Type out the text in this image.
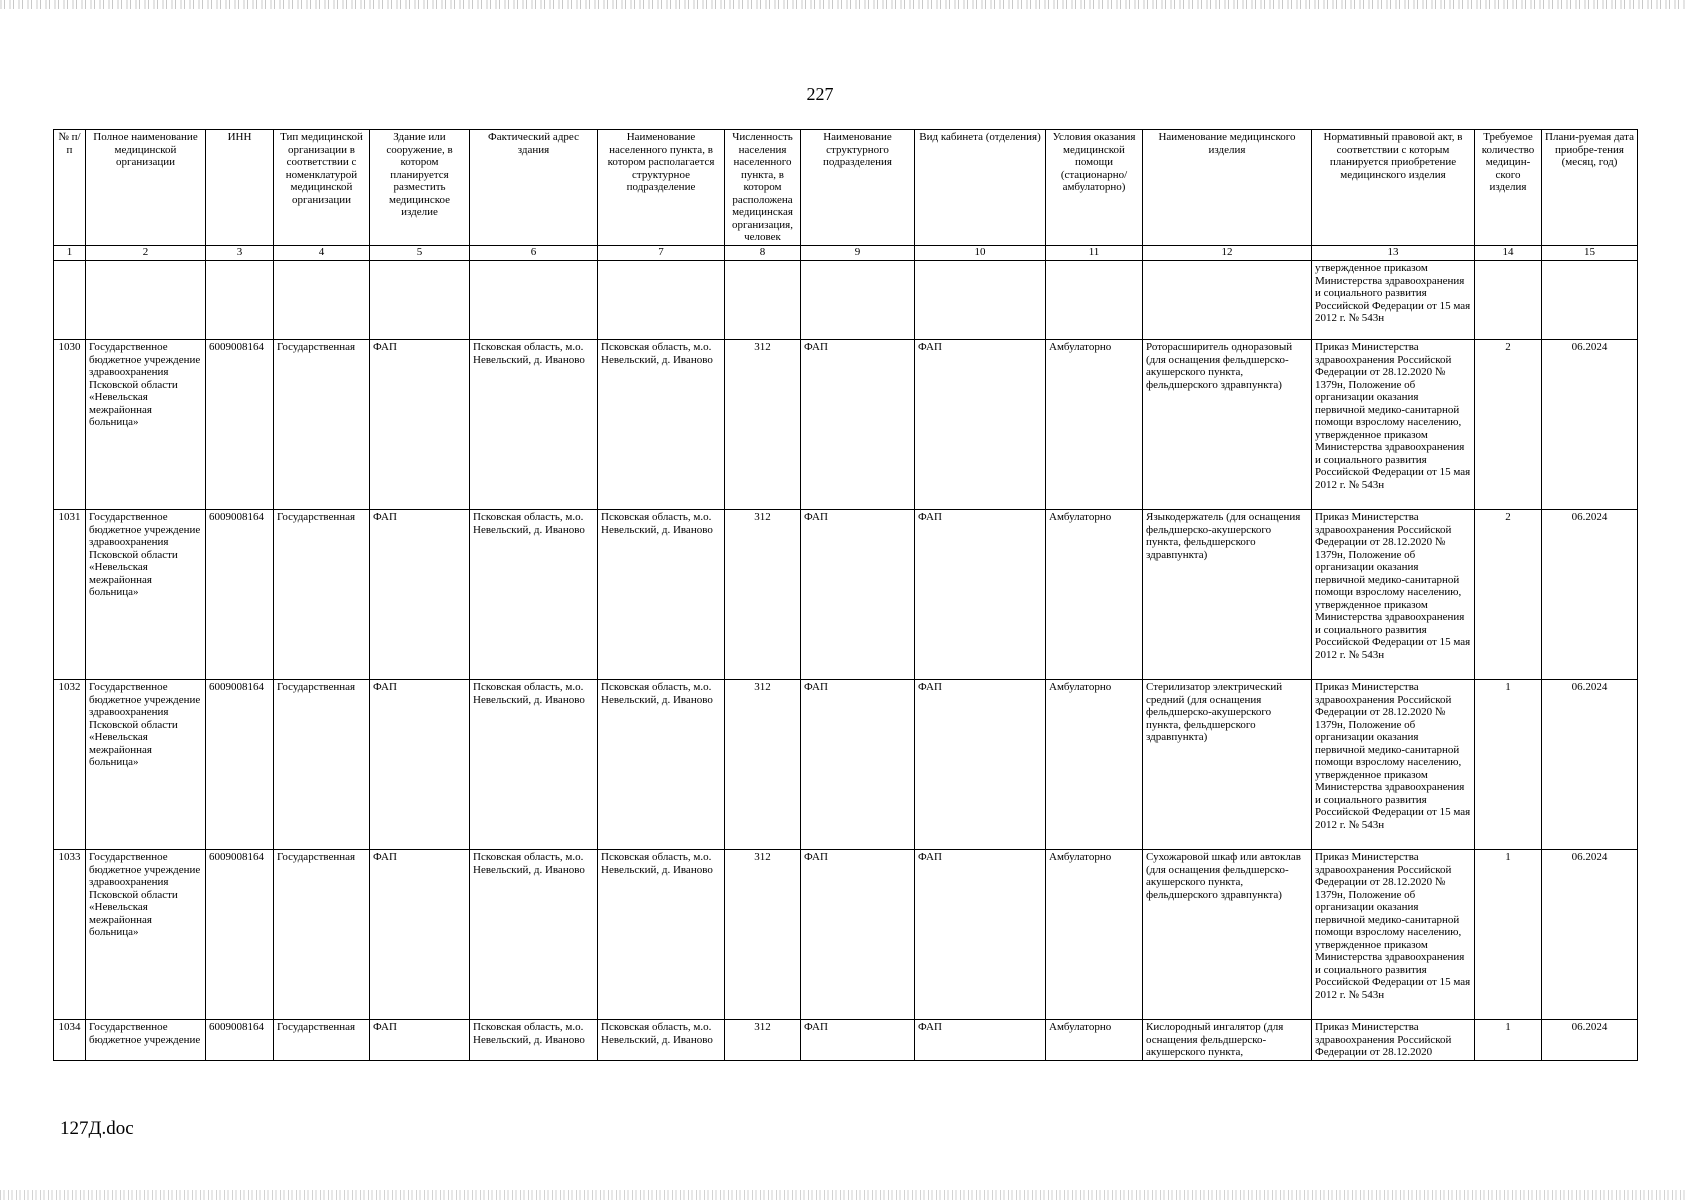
227
№ п/п	Полное наименование медицинской организации	ИНН	Тип медицинской организации в соответствии с номенклатурой медицинской организации	Здание или сооружение, в котором планируется разместить медицинское изделие	Фактический адрес здания	Наименование населенного пункта, в котором располагается структурное подразделение	Численность населения населенного пункта, в котором расположена медицинская организация, человек	Наименование структурного подразделения	Вид кабинета (отделения)	Условия оказания медицинской помощи (стационарно/ амбулаторно)	Наименование медицинского изделия	Нормативный правовой акт, в соответствии с которым планируется приобретение медицинского изделия	Требуемое количество медицин-ского изделия	Плани-руемая дата приобре-тения (месяц, год)
1	2	3	4	5	6	7	8	9	10	11	12	13	14	15
												утвержденное приказом Министерства здравоохранения и социального развития Российской Федерации от 15 мая 2012 г. № 543н		
1030	Государственное бюджетное учреждение здравоохранения Псковской области «Невельская межрайонная больница»	6009008164	Государственная	ФАП	Псковская область, м.о. Невельский, д. Иваново	Псковская область, м.о. Невельский, д. Иваново	312	ФАП	ФАП	Амбулаторно	Роторасширитель одноразовый (для оснащения фельдшерско-акушерского пункта, фельдшерского здравпункта)	Приказ Министерства здравоохранения Российской Федерации от 28.12.2020 № 1379н, Положение об организации оказания первичной медико-санитарной помощи взрослому населению, утвержденное приказом Министерства здравоохранения и социального развития Российской Федерации от 15 мая 2012 г. № 543н	2	06.2024
1031	Государственное бюджетное учреждение здравоохранения Псковской области «Невельская межрайонная больница»	6009008164	Государственная	ФАП	Псковская область, м.о. Невельский, д. Иваново	Псковская область, м.о. Невельский, д. Иваново	312	ФАП	ФАП	Амбулаторно	Языкодержатель (для оснащения фельдшерско-акушерского пункта, фельдшерского здравпункта)	Приказ Министерства здравоохранения Российской Федерации от 28.12.2020 № 1379н, Положение об организации оказания первичной медико-санитарной помощи взрослому населению, утвержденное приказом Министерства здравоохранения и социального развития Российской Федерации от 15 мая 2012 г. № 543н	2	06.2024
1032	Государственное бюджетное учреждение здравоохранения Псковской области «Невельская межрайонная больница»	6009008164	Государственная	ФАП	Псковская область, м.о. Невельский, д. Иваново	Псковская область, м.о. Невельский, д. Иваново	312	ФАП	ФАП	Амбулаторно	Стерилизатор электрический средний (для оснащения фельдшерско-акушерского пункта, фельдшерского здравпункта)	Приказ Министерства здравоохранения Российской Федерации от 28.12.2020 № 1379н, Положение об организации оказания первичной медико-санитарной помощи взрослому населению, утвержденное приказом Министерства здравоохранения и социального развития Российской Федерации от 15 мая 2012 г. № 543н	1	06.2024
1033	Государственное бюджетное учреждение здравоохранения Псковской области «Невельская межрайонная больница»	6009008164	Государственная	ФАП	Псковская область, м.о. Невельский, д. Иваново	Псковская область, м.о. Невельский, д. Иваново	312	ФАП	ФАП	Амбулаторно	Сухожаровой шкаф или автоклав (для оснащения фельдшерско-акушерского пункта, фельдшерского здравпункта)	Приказ Министерства здравоохранения Российской Федерации от 28.12.2020 № 1379н, Положение об организации оказания первичной медико-санитарной помощи взрослому населению, утвержденное приказом Министерства здравоохранения и социального развития Российской Федерации от 15 мая 2012 г. № 543н	1	06.2024
1034	Государственное бюджетное учреждение	6009008164	Государственная	ФАП	Псковская область, м.о. Невельский, д. Иваново	Псковская область, м.о. Невельский, д. Иваново	312	ФАП	ФАП	Амбулаторно	Кислородный ингалятор (для оснащения фельдшерско-акушерского пункта,	Приказ Министерства здравоохранения Российской Федерации от 28.12.2020	1	06.2024
127Д.doc
